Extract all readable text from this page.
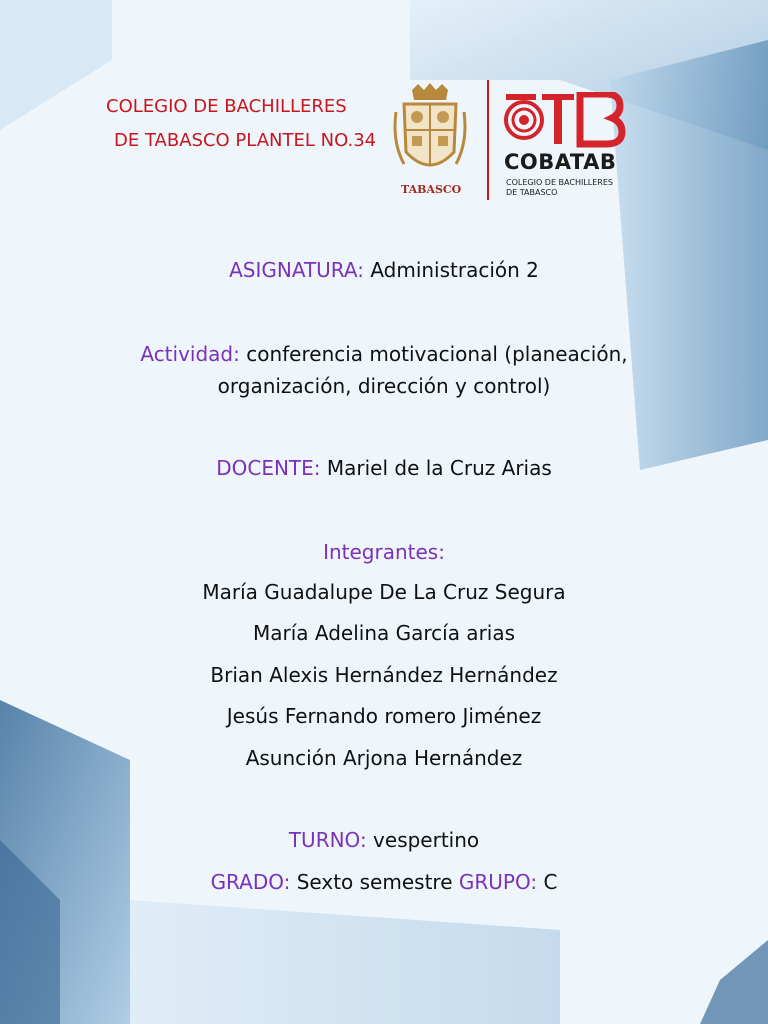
COLEGIO DE BACHILLERES
DE TABASCO PLANTEL NO.34
TABASCO
COBATAB
COLEGIO DE BACHILLERES
DE TABASCO
ASIGNATURA: Administración 2
Actividad: conferencia motivacional (planeación,
organización, dirección y control)
DOCENTE: Mariel de la Cruz Arias
Integrantes:
María Guadalupe De La Cruz Segura
María Adelina García arias
Brian Alexis Hernández Hernández
Jesús Fernando romero Jiménez
Asunción Arjona Hernández
TURNO: vespertino
GRADO: Sexto semestre GRUPO: C
